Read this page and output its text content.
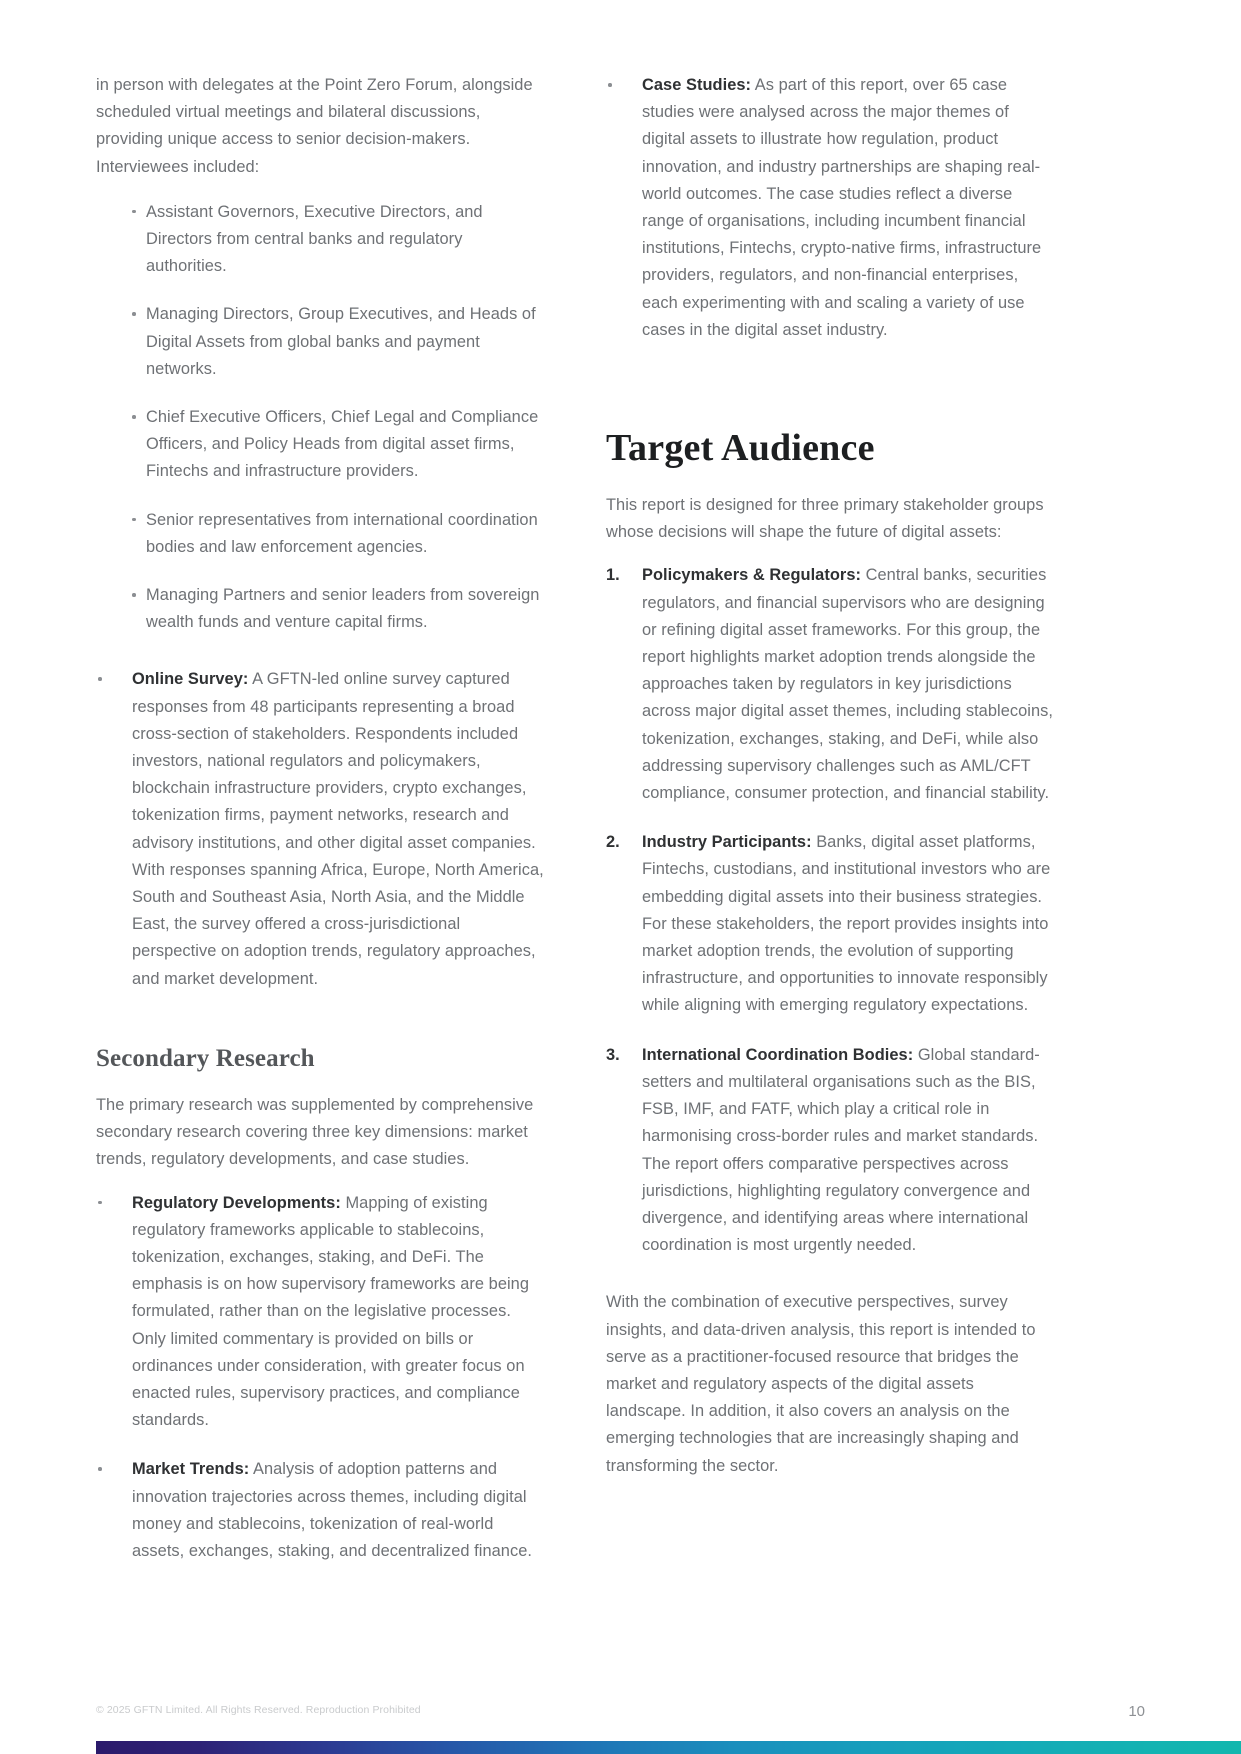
in person with delegates at the Point Zero Forum, alongside scheduled virtual meetings and bilateral discussions, providing unique access to senior decision-makers. Interviewees included:
Assistant Governors, Executive Directors, and Directors from central banks and regulatory authorities.
Managing Directors, Group Executives, and Heads of Digital Assets from global banks and payment networks.
Chief Executive Officers, Chief Legal and Compliance Officers, and Policy Heads from digital asset firms, Fintechs and infrastructure providers.
Senior representatives from international coordination bodies and law enforcement agencies.
Managing Partners and senior leaders from sovereign wealth funds and venture capital firms.
Online Survey: A GFTN-led online survey captured responses from 48 participants representing a broad cross-section of stakeholders. Respondents included investors, national regulators and policymakers, blockchain infrastructure providers, crypto exchanges, tokenization firms, payment networks, research and advisory institutions, and other digital asset companies. With responses spanning Africa, Europe, North America, South and Southeast Asia, North Asia, and the Middle East, the survey offered a cross-jurisdictional perspective on adoption trends, regulatory approaches, and market development.
Secondary Research
The primary research was supplemented by comprehensive secondary research covering three key dimensions: market trends, regulatory developments, and case studies.
Regulatory Developments: Mapping of existing regulatory frameworks applicable to stablecoins, tokenization, exchanges, staking, and DeFi. The emphasis is on how supervisory frameworks are being formulated, rather than on the legislative processes. Only limited commentary is provided on bills or ordinances under consideration, with greater focus on enacted rules, supervisory practices, and compliance standards.
Market Trends: Analysis of adoption patterns and innovation trajectories across themes, including digital money and stablecoins, tokenization of real-world assets, exchanges, staking, and decentralized finance.
Case Studies: As part of this report, over 65 case studies were analysed across the major themes of digital assets to illustrate how regulation, product innovation, and industry partnerships are shaping real-world outcomes. The case studies reflect a diverse range of organisations, including incumbent financial institutions, Fintechs, crypto-native firms, infrastructure providers, regulators, and non-financial enterprises, each experimenting with and scaling a variety of use cases in the digital asset industry.
Target Audience
This report is designed for three primary stakeholder groups whose decisions will shape the future of digital assets:
1. Policymakers & Regulators: Central banks, securities regulators, and financial supervisors who are designing or refining digital asset frameworks. For this group, the report highlights market adoption trends alongside the approaches taken by regulators in key jurisdictions across major digital asset themes, including stablecoins, tokenization, exchanges, staking, and DeFi, while also addressing supervisory challenges such as AML/CFT compliance, consumer protection, and financial stability.
2. Industry Participants: Banks, digital asset platforms, Fintechs, custodians, and institutional investors who are embedding digital assets into their business strategies. For these stakeholders, the report provides insights into market adoption trends, the evolution of supporting infrastructure, and opportunities to innovate responsibly while aligning with emerging regulatory expectations.
3. International Coordination Bodies: Global standard-setters and multilateral organisations such as the BIS, FSB, IMF, and FATF, which play a critical role in harmonising cross-border rules and market standards. The report offers comparative perspectives across jurisdictions, highlighting regulatory convergence and divergence, and identifying areas where international coordination is most urgently needed.
With the combination of executive perspectives, survey insights, and data-driven analysis, this report is intended to serve as a practitioner-focused resource that bridges the market and regulatory aspects of the digital assets landscape. In addition, it also covers an analysis on the emerging technologies that are increasingly shaping and transforming the sector.
© 2025 GFTN Limited. All Rights Reserved. Reproduction Prohibited	10
